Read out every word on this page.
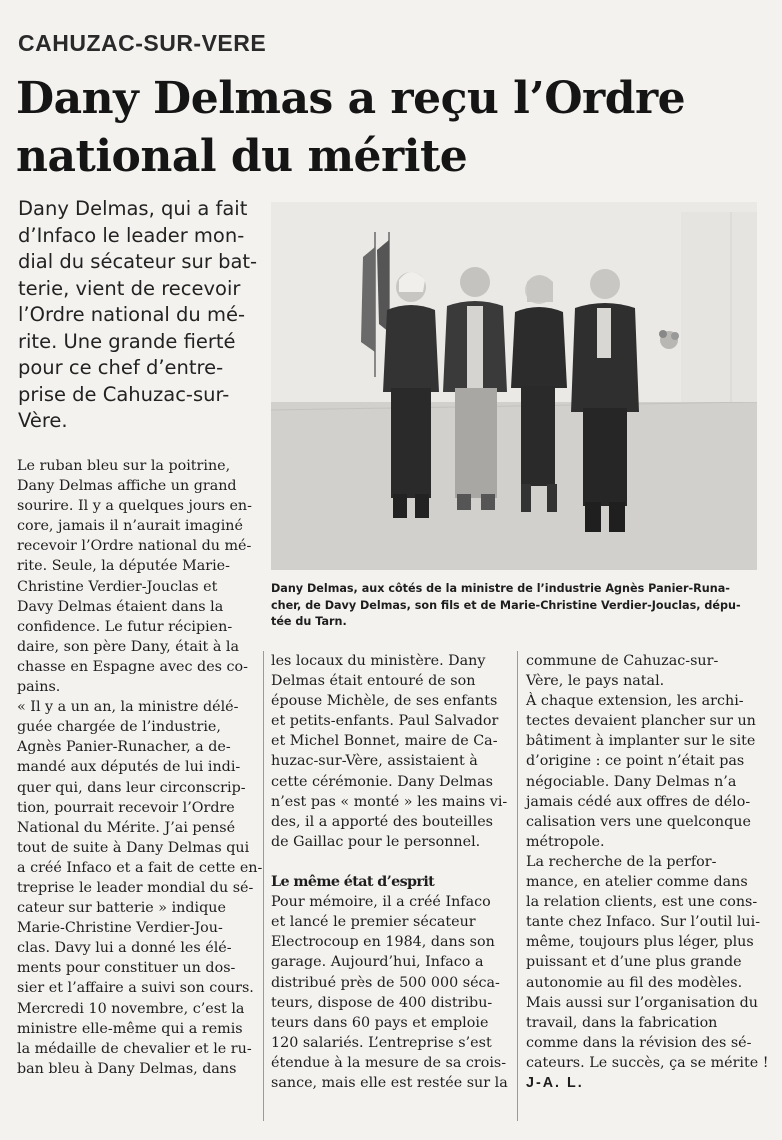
CAHUZAC-SUR-VERE
Dany Delmas a reçu l’Ordre
national du mérite
Dany Delmas, qui a fait
d’Infaco le leader mon-
dial du sécateur sur bat-
terie, vient de recevoir
l’Ordre national du mé-
rite. Une grande fierté
pour ce chef d’entre-
prise de Cahuzac-sur-
Vère.
Dany Delmas, aux côtés de la ministre de l’industrie Agnès Panier-Runa-
cher, de Davy Delmas, son fils et de Marie-Christine Verdier-Jouclas, dépu-
tée du Tarn.
Le ruban bleu sur la poitrine,
Dany Delmas affiche un grand
sourire. Il y a quelques jours en-
core, jamais il n’aurait imaginé
recevoir l’Ordre national du mé-
rite. Seule, la députée Marie-
Christine Verdier-Jouclas et
Davy Delmas étaient dans la
confidence. Le futur récipien-
daire, son père Dany, était à la
chasse en Espagne avec des co-
pains.
« Il y a un an, la ministre délé-
guée chargée de l’industrie,
Agnès Panier-Runacher, a de-
mandé aux députés de lui indi-
quer qui, dans leur circonscrip-
tion, pourrait recevoir l’Ordre
National du Mérite. J’ai pensé
tout de suite à Dany Delmas qui
a créé Infaco et a fait de cette en-
treprise le leader mondial du sé-
cateur sur batterie » indique
Marie-Christine Verdier-Jou-
clas. Davy lui a donné les élé-
ments pour constituer un dos-
sier et l’affaire a suivi son cours.
Mercredi 10 novembre, c’est la
ministre elle-même qui a remis
la médaille de chevalier et le ru-
ban bleu à Dany Delmas, dans
les locaux du ministère. Dany
Delmas était entouré de son
épouse Michèle, de ses enfants
et petits-enfants. Paul Salvador
et Michel Bonnet, maire de Ca-
huzac-sur-Vère, assistaient à
cette cérémonie. Dany Delmas
n’est pas « monté » les mains vi-
des, il a apporté des bouteilles
de Gaillac pour le personnel.
Le même état d’esprit
Pour mémoire, il a créé Infaco
et lancé le premier sécateur
Electrocoup en 1984, dans son
garage. Aujourd’hui, Infaco a
distribué près de 500 000 séca-
teurs, dispose de 400 distribu-
teurs dans 60 pays et emploie
120 salariés. L’entreprise s’est
étendue à la mesure de sa crois-
sance, mais elle est restée sur la
commune de Cahuzac-sur-
Vère, le pays natal.
À chaque extension, les archi-
tectes devaient plancher sur un
bâtiment à implanter sur le site
d’origine : ce point n’était pas
négociable. Dany Delmas n’a
jamais cédé aux offres de délo-
calisation vers une quelconque
métropole.
La recherche de la perfor-
mance, en atelier comme dans
la relation clients, est une cons-
tante chez Infaco. Sur l’outil lui-
même, toujours plus léger, plus
puissant et d’une plus grande
autonomie au fil des modèles.
Mais aussi sur l’organisation du
travail, dans la fabrication
comme dans la révision des sé-
cateurs. Le succès, ça se mérite !
J-A. L.
